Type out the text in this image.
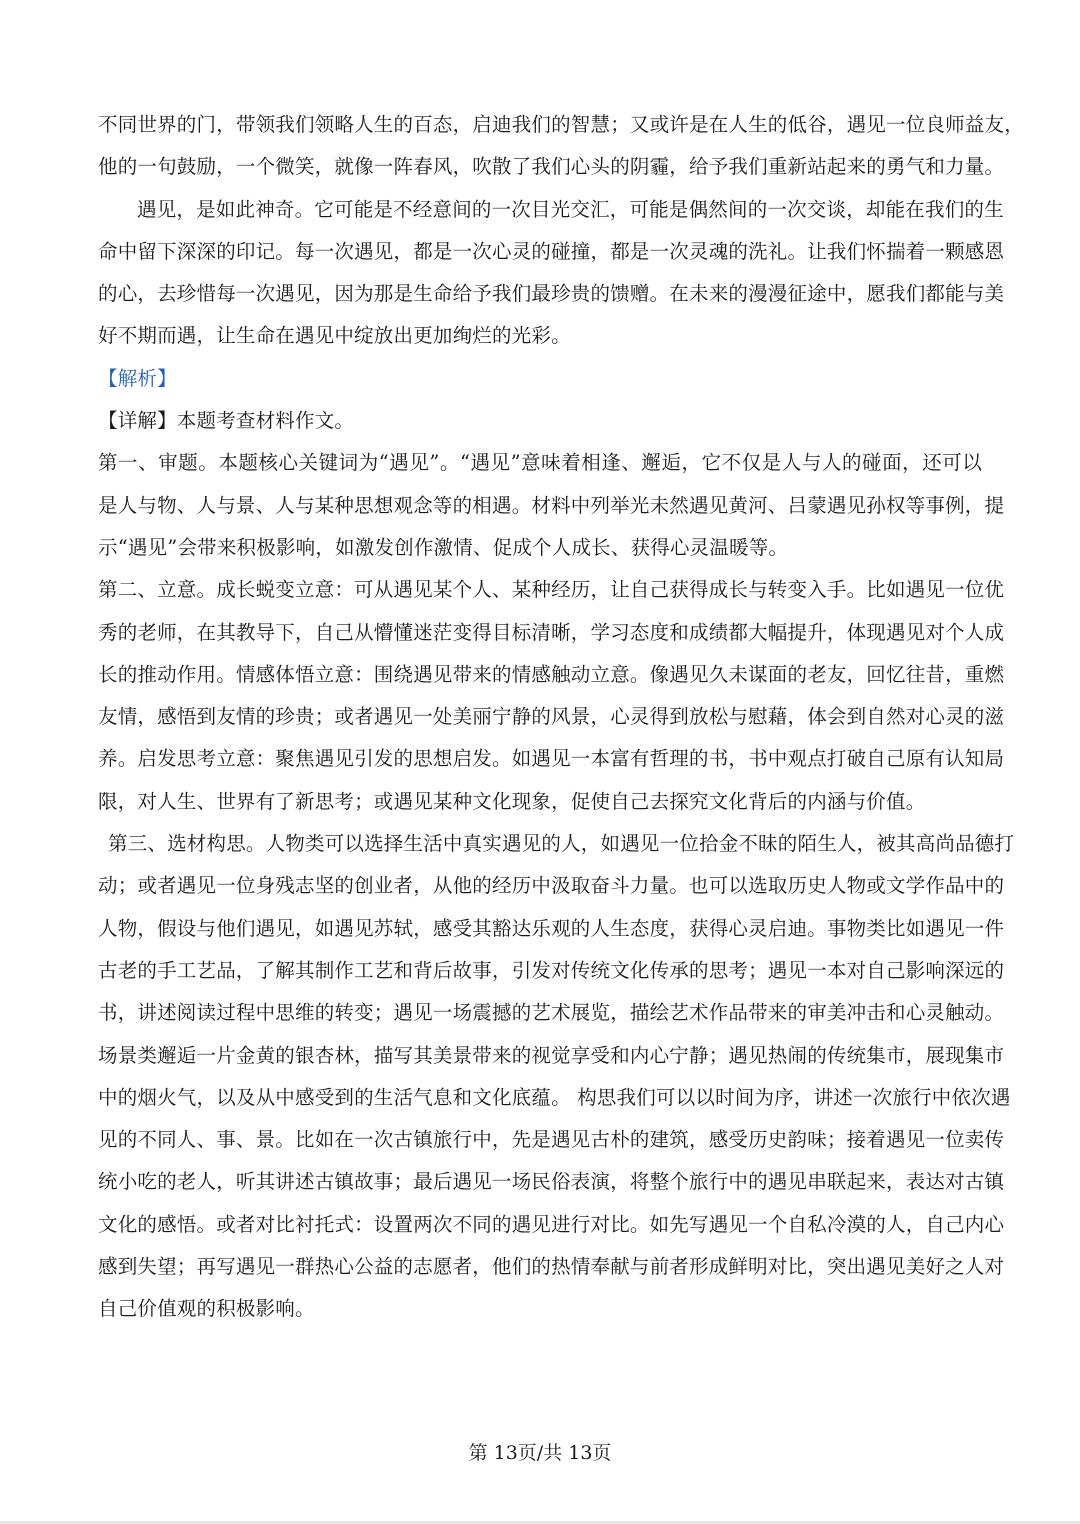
不同世界的门，带领我们领略人生的百态，启迪我们的智慧；又或许是在人生的低谷，遇见一位良师益友，
他的一句鼓励，一个微笑，就像一阵春风，吹散了我们心头的阴霾，给予我们重新站起来的勇气和力量。
遇见，是如此神奇。它可能是不经意间的一次目光交汇，可能是偶然间的一次交谈，却能在我们的生
命中留下深深的印记。每一次遇见，都是一次心灵的碰撞，都是一次灵魂的洗礼。让我们怀揣着一颗感恩
的心，去珍惜每一次遇见，因为那是生命给予我们最珍贵的馈赠。在未来的漫漫征途中，愿我们都能与美
好不期而遇，让生命在遇见中绽放出更加绚烂的光彩。
【解析】
【详解】本题考查材料作文。
第一、审题。本题核心关键词为“遇见”。“遇见”意味着相逢、邂逅，它不仅是人与人的碰面，还可以
是人与物、人与景、人与某种思想观念等的相遇。材料中列举光未然遇见黄河、吕蒙遇见孙权等事例，提
示“遇见”会带来积极影响，如激发创作激情、促成个人成长、获得心灵温暖等。
第二、立意。成长蜕变立意：可从遇见某个人、某种经历，让自己获得成长与转变入手。比如遇见一位优
秀的老师，在其教导下，自己从懵懂迷茫变得目标清晰，学习态度和成绩都大幅提升，体现遇见对个人成
长的推动作用。情感体悟立意：围绕遇见带来的情感触动立意。像遇见久未谋面的老友，回忆往昔，重燃
友情，感悟到友情的珍贵；或者遇见一处美丽宁静的风景，心灵得到放松与慰藉，体会到自然对心灵的滋
养。启发思考立意：聚焦遇见引发的思想启发。如遇见一本富有哲理的书，书中观点打破自己原有认知局
限，对人生、世界有了新思考；或遇见某种文化现象，促使自己去探究文化背后的内涵与价值。
第三、选材构思。人物类可以选择生活中真实遇见的人，如遇见一位拾金不昧的陌生人，被其高尚品德打
动；或者遇见一位身残志坚的创业者，从他的经历中汲取奋斗力量。也可以选取历史人物或文学作品中的
人物，假设与他们遇见，如遇见苏轼，感受其豁达乐观的人生态度，获得心灵启迪。事物类比如遇见一件
古老的手工艺品，了解其制作工艺和背后故事，引发对传统文化传承的思考；遇见一本对自己影响深远的
书，讲述阅读过程中思维的转变；遇见一场震撼的艺术展览，描绘艺术作品带来的审美冲击和心灵触动。
场景类邂逅一片金黄的银杏林，描写其美景带来的视觉享受和内心宁静；遇见热闹的传统集市，展现集市
中的烟火气，以及从中感受到的生活气息和文化底蕴。 构思我们可以以时间为序，讲述一次旅行中依次遇
见的不同人、事、景。比如在一次古镇旅行中，先是遇见古朴的建筑，感受历史韵味；接着遇见一位卖传
统小吃的老人，听其讲述古镇故事；最后遇见一场民俗表演，将整个旅行中的遇见串联起来，表达对古镇
文化的感悟。或者对比衬托式：设置两次不同的遇见进行对比。如先写遇见一个自私冷漠的人，自己内心
感到失望；再写遇见一群热心公益的志愿者，他们的热情奉献与前者形成鲜明对比，突出遇见美好之人对
自己价值观的积极影响。
第 13页/共 13页
